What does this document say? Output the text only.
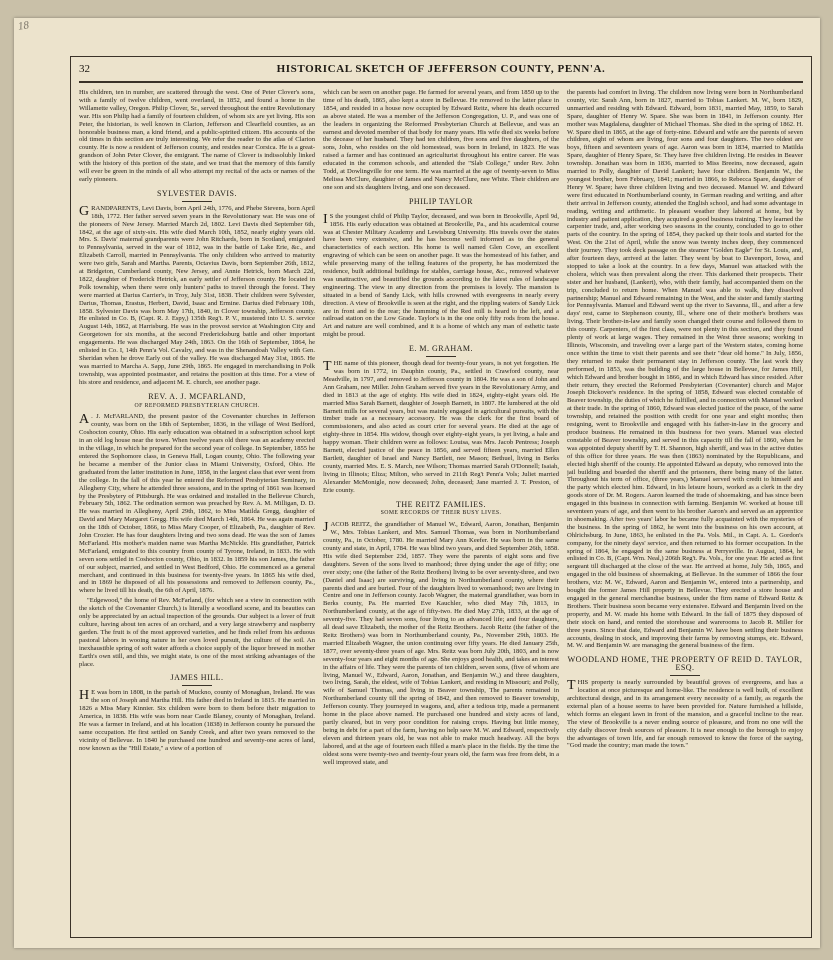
18
32	HISTORICAL SKETCH OF JEFFERSON COUNTY, PENN'A.

His children, ten in number, are scattered through the west. One of Peter Clover's sons, with a family of twelve children, went overland, in 1852, and found a home in the Willamette valley, Oregon. Philip Clover, Sr., served throughout the entire Revolutionary war. His son Philip had a family of fourteen children, of whom six are yet living. His son Peter, the historian, is well known in Clarion, Jefferson and Clearfield counties, as an honorable business man, a kind friend, and a public-spirited citizen. His accounts of the old times in this section are truly interesting. We refer the reader to the atlas of Clarion county. He is now a resident of Jefferson county, and resides near Corsica. He is a great-grandson of John Peter Clover, the emigrant. The name of Clover is indissolubly linked with the history of this portion of the state, and we trust that the memory of this family will ever be green in the minds of all who attempt my recital of the acts or names of the early pioneers.

SYLVESTER DAVIS.

GRANDPARENTS, Levi Davis, born April 24th, 1776, and Phebe Stevens, born April 18th, 1772. Her father served seven years in the Revolutionary war. He was one of the pioneers of New Jersey. Married March 2d, 1802. Levi Davis died September 6th, 1842, at the age of sixty-six. His wife died March 10th, 1852, nearly eighty years old. Mrs. S. Davis' maternal grandparents were John Ritchards, born in Scotland, emigrated to Pennsylvania, served in the war of 1812, was in the battle of Lake Erie, &c., and Elizabeth Carroll, married in Pennsylvania. The only children who arrived to maturity were two girls, Sarah and Martha. Parents, Octavius Davis, born September 26th, 1812, at Bridgeton, Cumberland county, New Jersey, and Annie Hetrick, born March 22d, 1822, daughter of Frederick Hetrick, an early settler of Jefferson county. He located in Polk township, when there were only hunters' paths to travel through the forest. They were married at Darius Carrier's, in Troy, July 31st, 1838. Their children were Sylvester, Darius, Thomas, Erastus, Herbert, David, Isaac and Ermine. Darius died February 10th, 1858. Sylvester Davis was born May 17th, 1840, in Clover township, Jefferson county. He enlisted in Co. B, (Capt. R. J. Espy,) 135th Reg't. P. V., mustered into U. S. service August 14th, 1862, at Harrisburg. He was in the provost service at Washington City and Georgetown for six months, at the second Fredericksburg battle and other important engagements. He was discharged May 24th, 1863. On the 16th of September, 1864, he enlisted in Co. I, 14th Penn'a Vol. Cavalry, and was in the Shenandoah Valley with Gen. Sheridan when he drove Early out of the valley. He was discharged May 31st, 1865. He was married to Marcha A. Sapp, June 29th, 1865. He engaged in merchandising in Polk township, was appointed postmaster, and retains the position at this time. For a view of his store and residence, and adjacent M. E. church, see another page.

REV. A. J. MCFARLAND,
OF REFORMED PRESBYTERIAN CHURCH.

A . J. McFARLAND, the present pastor of the Covenanter churches in Jefferson county, was born on the 18th of September, 1836, in the village of West Bedford, Coshocton county, Ohio. His early education was obtained in a subscription school kept in an old log house near the town. When twelve years old there was an academy erected in the village, in which he prepared for the second year of college. In September, 1855 he entered the Sophomore class, in Geneva Hall, Logan county, Ohio. The following year he became a member of the Junior class in Miami University, Oxford, Ohio. He graduated from the latter institution in June, 1858, in the largest class that ever went from the college. In the fall of this year he entered the Reformed Presbyterian Seminary, in Allegheny City, where he attended three sessions, and in the spring of 1861 was licensed by the Presbytery of Pittsburgh. He was ordained and installed in the Bellevue Church, February 5th, 1862. The ordination sermon was preached by Rev. A. M. Milligan, D. D. He was married in Allegheny, April 29th, 1862, to Miss Matilda Gregg, daughter of David and Mary Margaret Gregg. His wife died March 14th, 1864. He was again married on the 18th of October, 1866, to Miss Mary Cooper, of Elizabeth, Pa., daughter of Rev. John Crozier. He has four daughters living and two sons dead. He was the son of James McFarland. His mother's maiden name was Martha McNickle. His grandfather, Patrick McFarland, emigrated to this country from county of Tyrone, Ireland, in 1833. He with seven sons settled in Coshocton county, Ohio, in 1832. In 1859 his son James, the father of our subject, married, and settled in West Bedford, Ohio. He commenced as a general merchant, and continued in this business for twenty-five years. In 1865 his wife died, and in 1869 he disposed of all his possessions and removed to Jefferson county, Pa., where he lived till his death, the 6th of April, 1876.

"Edgewood," the home of Rev. McFarland, (for which see a view in connection with the sketch of the Covenanter Church,) is literally a woodland scene, and its beauties can only be appreciated by an actual inspection of the grounds. Our subject is a lover of fruit culture, having about ten acres of an orchard, and a very large strawberry and raspberry garden. The fruit is of the most approved varieties, and he finds relief from his arduous pastoral labors in wooing nature in her own loved pursuit, the culture of the soil. An inexhaustible spring of soft water affords a choice supply of the liquor brewed in mother Earth's own still, and this, we might state, is one of the most striking advantages of the place.

JAMES HILL.

H E was born in 1808, in the parish of Muckno, county of Monaghan, Ireland. He was the son of Joseph and Martha Hill. His father died in Ireland in 1815. He married in 1826 a Miss Mary Kinnier. Six children were born to them before their migration to America, in 1838. His wife was born near Castle Blaney, county of Monaghan, Ireland. He was a farmer in Ireland, and at his location (1838) in Jefferson county he pursued the same occupation. He first settled on Sandy Creek, and after two years removed to the vicinity of Bellevue. In 1840 he purchased one hundred and seventy-one acres of land, now known as the "Hill Estate," a view of a portion of

which can be seen on another page. He farmed for several years, and from 1850 up to the time of his death, 1865, also kept a store in Bellevue. He removed to the latter place in 1854, and resided in a house now occupied by Edward Reitz, where his death occurred as above stated. He was a member of the Jefferson Congregation, U. P., and was one of the leaders in organizing the Reformed Presbyterian Church at Bellevue, and was an earnest and devoted member of that body for many years. His wife died six weeks before the decease of her husband. They had ten children, five sons and five daughters, of the sons, John, who resides on the old homestead, was born in Ireland, in 1823. He was raised a farmer and has continued an agriculturist throughout his entire career. He was educated in the common schools, and attended the "Slab College," under Rev. John Todd, at Dowlingville for one term. He was married at the age of twenty-seven to Miss Melissa McClure, daughter of James and Nancy McClure, nee White. Their children are one son and six daughters living, and one son deceased.

PHILIP TAYLOR

I S the youngest child of Philip Taylor, deceased, and was born in Brookville, April 9d, 1856. His early education was obtained at Brookville, Pa., and his academical course was at Chester Military Academy and Lewisburg University. His travels over the states have been very extensive, and he has become well informed as to the general characteristics of each section. His home is well named Glen Cove, an excellent engraving of which can be seen on another page. It was the homestead of his father, and while preserving many of the telling features of the property, he has modernized the residence, built additional buildings for stables, carriage house, &c., removed whatever was unattractive, and beautified the grounds according to the latest rules of landscape engineering. The view in any direction from the premises is lovely. The mansion is situated in a bend of Sandy Lick, with hills crowned with evergreens in nearly every direction. A view of Brookville is seen at the right, and the rippling waters of Sandy Lick are in front and to the rear; the humming of the Red mill is heard to the left, and a railroad station on the Low Grade. Taylor's is in the one only fifty rods from the house. Art and nature are well combined, and it is a home of which any man of esthetic taste might be proud.

E. M. GRAHAM.

THE name of this pioneer, though dead for twenty-four years, is not yet forgotten. He was born in 1772, in Dauphin county, Pa., settled in Crawford county, near Meadville, in 1797, and removed to Jefferson county in 1804. He was a son of John and Ann Graham, nee Miller. John Graham served five years in the Revolutionary Army, and died in 1813 at the age of eighty. His wife died in 1824, eighty-eight years old. He married Miss Sarah Barnett, daughter of Joseph Barnett, in 1807. He lumbered at the old Barnett mills for several years, but was mainly engaged in agricultural pursuits, with the timber trade as a necessary accessory. He was the clerk for the first board of commissioners, and also acted as court crier for several years. He died at the age of eighty-three in 1854. His widow, though over eighty-eight years, is yet living, a hale and happy woman. Their children were as follows: Louisa, was Mrs. Jacob Pentress; Joseph Barnett, elected justice of the peace in 1856, and served fifteen years, married Ellen Bartlett, daughter of Israel and Nancy Bartlett, nee Mason; Bethuel, living in Berks county, married Mrs. E. S. March, nee Wilson; Thomas married Sarah O'Donnell; Isaiah, living in Illinois; Eliza; Milton, who served in 211th Reg't Penn'a Vols; Juliet married Alexander McMonigle, now deceased; John, deceased; Jane married J. T. Preston, of Erie county.

THE REITZ FAMILIES.
SOME RECORDS OF THEIR BUSY LIVES.

JACOB REITZ, the grandfather of Manuel W., Edward, Aaron, Jonathan, Benjamin W., Mrs. Tobias Lankert, and Mrs. Samuel Thomas, was born in Northumberland county, Pa., in October, 1780. He married Mary Ann Keefer. He was born in the same county and state, in April, 1784. He was blind two years, and died September 26th, 1858. His wife died September 23d, 1857. They were the parents of eight sons and five daughters. Seven of the sons lived to manhood; three dying under the age of fifty; one over sixty; one (the father of the Reitz Brothers) living to be over seventy-three, and two (Daniel and Isaac) are surviving, and living in Northumberland county, where their parents died and are buried. Four of the daughters lived to womanhood; two are living in Centre and one in Jefferson county. Jacob Wagner, the maternal grandfather, was born in Berks county, Pa. He married Eve Kauchler, who died May 7th, 1813, in Northumberland county, at the age of fifty-two. He died May 27th, 1833, at the age of seventy-five. They had seven sons, four living to an advanced life; and four daughters, all dead save Elizabeth, the mother of the Reitz Brothers. Jacob Reitz (the father of the Reitz Brothers) was born in Northumberland county, Pa., November 29th, 1803. He married Elizabeth Wagner, the union continuing over fifty years. He died January 25th, 1877, over seventy-three years of age. Mrs. Reitz was born July 20th, 1803, and is now seventy-four years and eight months of age. She enjoys good health, and takes an interest in the affairs of life. They were the parents of ten children, seven sons, (five of whom are living, Manuel W., Edward, Aaron, Jonathan, and Benjamin W.,) and three daughters, two living, Sarah, the eldest, wife of Tobias Lankert, and residing in Missouri; and Polly, wife of Samuel Thomas, and living in Beaver township, The parents remained in Northumberland county till the spring of 1842, and then removed to Beaver township, Jefferson county. They journeyed in wagons, and, after a tedious trip, made a permanent home in the place above named. He purchased one hundred and sixty acres of land, partly cleared, but in very poor condition for raising crops. Having but little money, being in debt for a part of the farm, having no help save M. W. and Edward, respectively eleven and thirteen years old, he was not able to make much headway. All the boys labored, and at the age of fourteen each filled a man's place in the fields. By the time the oldest sons were twenty-two and twenty-four years old, the farm was free from debt, in a well improved state, and

the parents had comfort in living. The children now living were born in Northumberland county, viz: Sarah Ann, born in 1827, married to Tobias Lankert. M. W., born 1829, unmarried and residing with Edward. Edward, born 1831, married May, 1859, to Sarah Spare, daughter of Henry W. Spare. She was born in 1841, in Jefferson county. Her mother was Magdalena, daughter of Michael Thomas. She died in the spring of 1862. H. W. Spare died in 1865, at the age of forty-nine. Edward and wife are the parents of seven children, eight of whom are living, four sons and four daughters. The two oldest are boys, fifteen and seventeen years of age. Aaron was born in 1834, married to Matilda Spare, daughter of Henry Spare, Sr. They have five children living. He resides in Beaver township. Jonathan was born in 1836, married to Miss Breeins, now deceased, again married to Polly, daughter of David Lankert; have four children. Benjamin W., the youngest brother, born February, 1841; married in 1866, to Rebecca Spare, daughter of Henry W. Spare; have three children living and two deceased. Manuel W. and Edward were first educated in Northumberland county, in German reading and writing, and after their arrival in Jefferson county, attended the English school, and had some advantage in reading, writing and arithmetic. In pleasant weather they labored at home, but by industry and patient application, they acquired a good business training. They learned the carpenter trade, and, after working two seasons in the county, concluded to go to other parts of the country. In the spring of 1854, they packed up their tools and started for the West. On the 21st of April, while the snow was twenty inches deep, they commenced their journey. They took deck passage on the steamer "Golden Eagle" for St. Louis, and, after fourteen days, arrived at the latter. They went by boat to Davenport, Iowa, and stopped to take a look at the country. In a few days, Manuel was attacked with the cholera, which was then prevalent along the river. This darkened their prospects. Their sister and her husband, (Lankert), who, with their family, had accompanied them on the trip, concluded to return home. When Manuel was able to walk, they dissolved partnership; Manuel and Edward remaining in the West, and the sister and family starting for Pennsylvania. Manuel and Edward went up the river to Savanna, Ill., and after a few days' rest, came to Stephenson county, Ill., where one of their mother's brothers was living. Their brother-in-law and family soon changed their course and followed them to this county. Carpenters, of the first class, were not plenty in this section, and they found plenty of work at large wages. They remained in the West three seasons; working in Illinois, Wisconsin, and traveling over a large part of the Western states, coming home once within the time to visit their parents and see their "dear old home." In July, 1856, they returned to make their permanent stay in Jefferson county. The last work they performed, in 1853, was the building of the large house in Bellevue, for James Hill, which Edward and brother bought in 1866, and in which Edward has since resided. After their return, they erected the Reformed Presbyterian (Covenanter) church and Major Joseph Dickover's residence. In the spring of 1858, Edward was elected constable of Beaver township, the duties of which he fulfilled, and in connection with Manuel worked at their trade. In the spring of 1860, Edward was elected justice of the peace, of the same township, and retained the position with credit for one year and eight months; then resigning, went to Brookville and engaged with his father-in-law in the grocery and produce business. He remained in this business for two years. Manuel was elected constable of Beaver township, and served in this capacity till the fall of 1860, when he was appointed deputy sheriff by T. H. Shannon, high sheriff, and was in the active duties of this office for three years. He was then (1863) nominated by the Republicans, and elected high sheriff of the county. He appointed Edward as deputy, who removed into the jail building and boarded the sheriff and the prisoners, there being many of the latter. Throughout his term of office, (three years,) Manuel served with credit to himself and the party which elected him. Edward, in his leisure hours, worked as a clerk in the dry goods store of Dr. M. Rogers. Aaron learned the trade of shoemaking, and has since been engaged in this business in connection with farming. Benjamin W. worked at house till seventeen years of age, and then went to his brother Aaron's and served as an apprentice in shoemaking. After two years' labor he became fully acquainted with the mysteries of the business. In the spring of 1862, he went into the business on his own account, at Ohlrichsburg. In June, 1863, he enlisted in the Pa. Vols. Mil., in Capt. A. L. Gordon's company, for the ninety days' service, and then returned to his former occupation. In the spring of 1864, he engaged in the same business at Perrysville. In August, 1864, he enlisted in Co. B, (Capt. Wm. Neal,) 206th Reg't. Pa. Vols., for one year. He acted as first sergeant till discharged at the close of the war. He arrived at home, July 5th, 1865, and engaged in the old business of shoemaking, at Bellevue. In the summer of 1866 the four brothers, viz: M. W., Edward, Aaron and Benjamin W., entered into a partnership, and bought the former James Hill property in Bellevue. They erected a store house and engaged in the general merchandise business, under the firm name of Edward Reitz & Brothers. Their business soon became very extensive. Edward and Benjamin lived on the property, and M. W. made his home with Edward. In the fall of 1875 they disposed of their stock on hand, and rented the storehouse and warerooms to Jacob R. Miller for three years. Since that date, Edward and Benjamin W. have been settling their business accounts, dealing in stock, and improving their farms by removing stumps, etc. Edward, M. W. and Benjamin W. are managing the general business of the firm.

WOODLAND HOME, THE PROPERTY OF REID D. TAYLOR, ESQ.

THIS property is nearly surrounded by beautiful groves of evergreens, and has a location at once picturesque and home-like. The residence is well built, of excellent architectural design, and in its arrangement every necessity of a family, as regards the external plan of a house seems to have been provided for. Nature furnished a hillside, which forms an elegant lawn in front of the mansion, and a graceful incline to the rear. The view of Brookville is a never ending source of pleasure, and from no one will the city daily discover fresh sources of pleasure. It is near enough to the borough to enjoy the advantages of town life, and far enough removed to know the force of the saying, "God made the country; man made the town."
